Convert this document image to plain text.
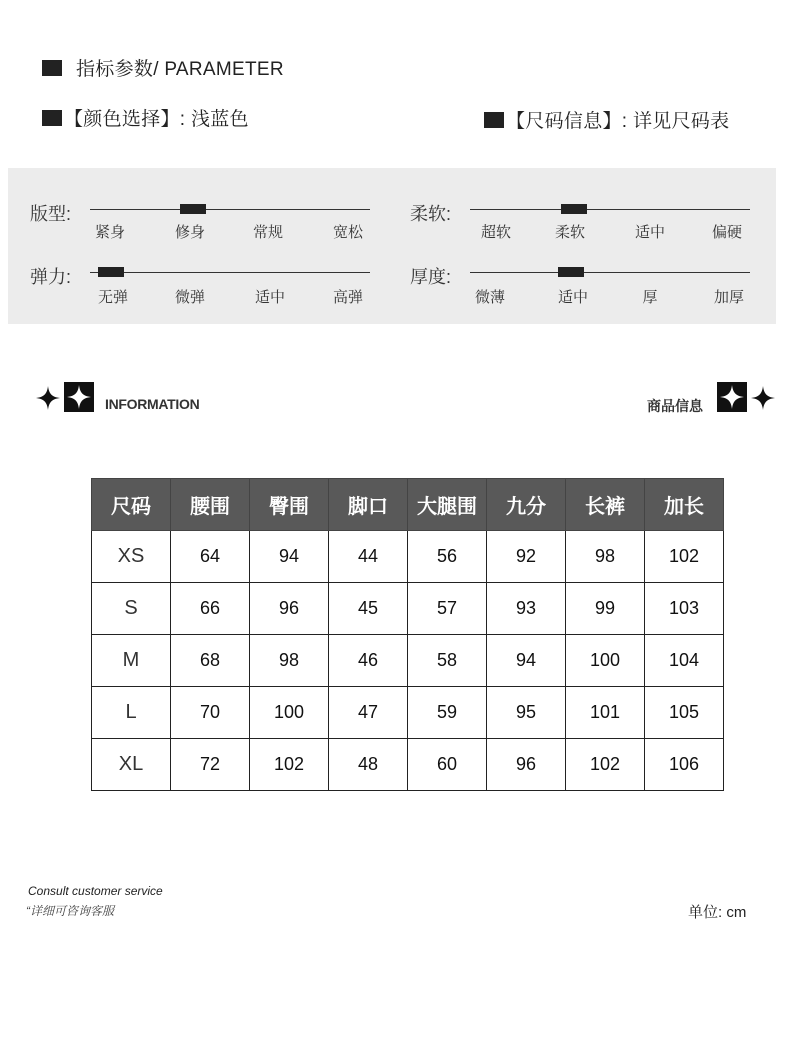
指标参数/ PARAMETER
【颜色选择】: 浅蓝色	【尺码信息】: 详见尺码表
版型:
紧身	修身	常规	宽松
柔软:
超软	柔软	适中	偏硬
弹力:
无弹	微弹	适中	高弹
厚度:
微薄	适中	厚	加厚
INFORMATION	商品信息
尺码	腰围	臀围	脚口	大腿围	九分	长裤	加长
XS	64	94	44	56	92	98	102
S	66	96	45	57	93	99	103
M	68	98	46	58	94	100	104
L	70	100	47	59	95	101	105
XL	72	102	48	60	96	102	106
Consult customer service
“详细可咨询客服	单位: cm
